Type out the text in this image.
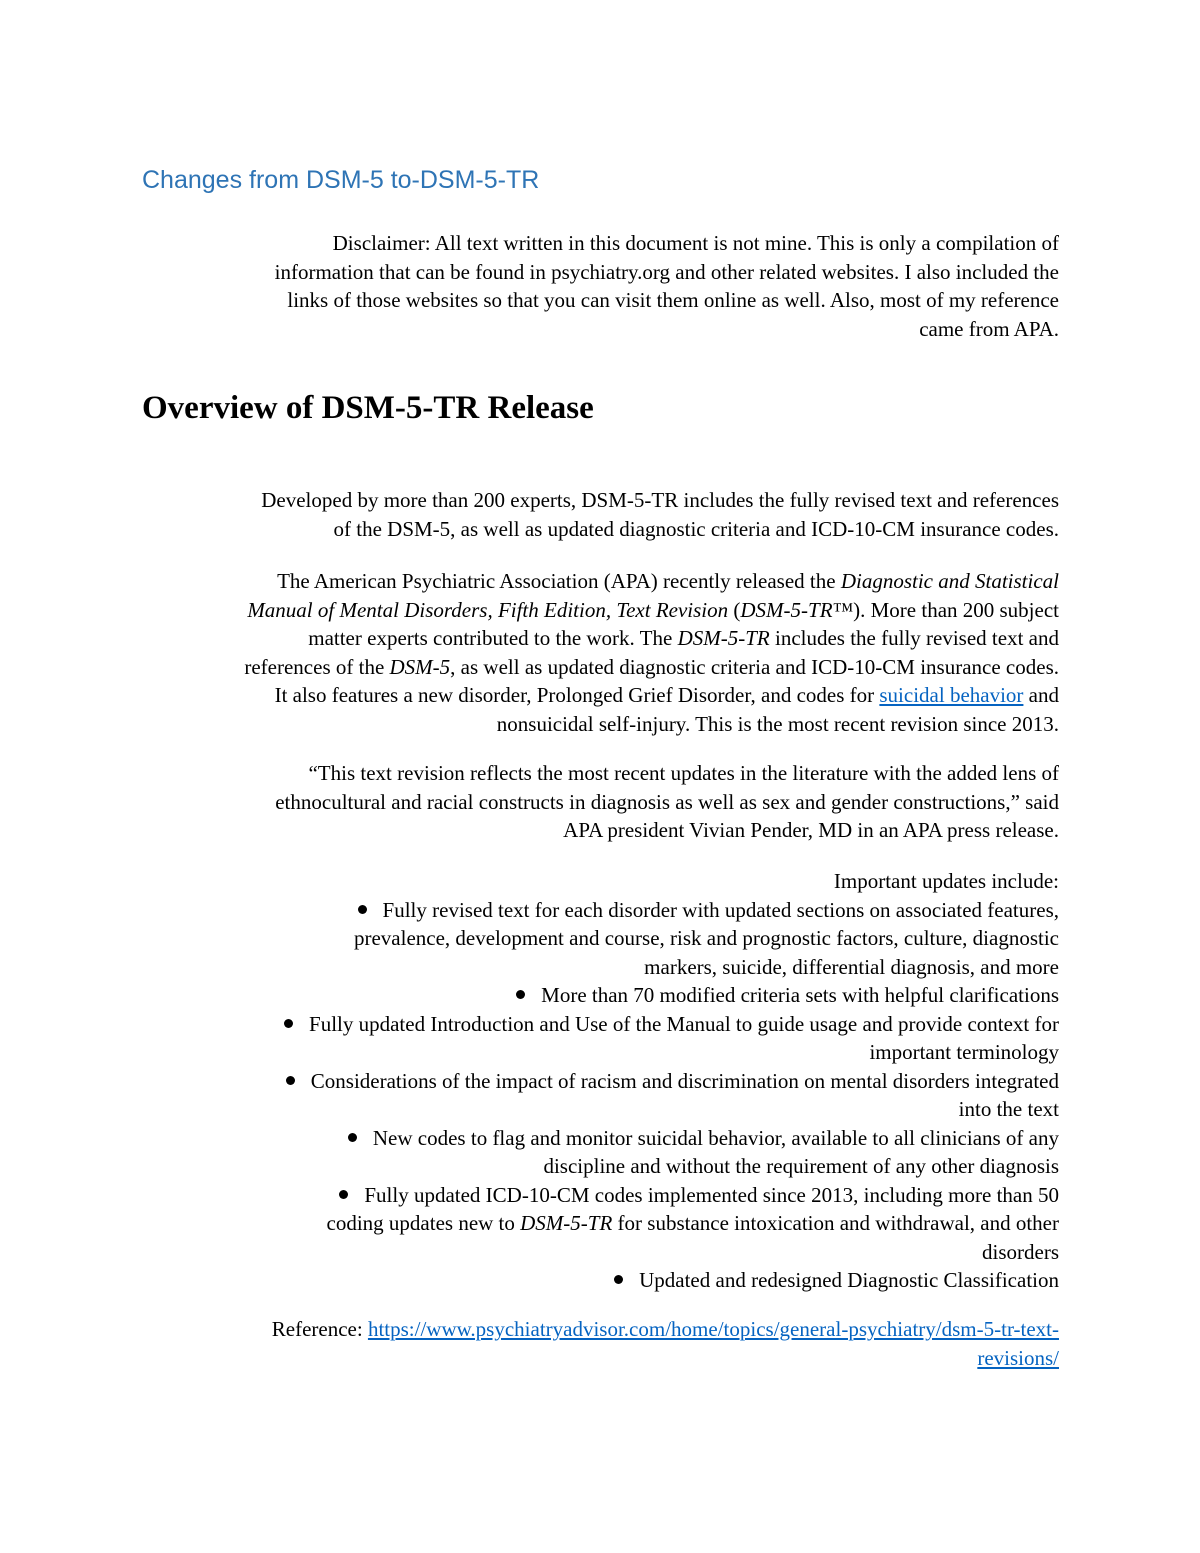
Changes from DSM-5 to-DSM-5-TR

Disclaimer: All text written in this document is not mine. This is only a compilation of

information that can be found in psychiatry.org and other related websites. I also included the

links of those websites so that you can visit them online as well. Also, most of my reference

came from APA.

Overview of DSM-5-TR Release

Developed by more than 200 experts, DSM-5-TR includes the fully revised text and references

of the DSM-5, as well as updated diagnostic criteria and ICD-10-CM insurance codes.

The American Psychiatric Association (APA) recently released the Diagnostic and Statistical

Manual of Mental Disorders, Fifth Edition, Text Revision (DSM-5-TR™). More than 200 subject

matter experts contributed to the work. The DSM-5-TR includes the fully revised text and

references of the DSM-5, as well as updated diagnostic criteria and ICD-10-CM insurance codes.

It also features a new disorder, Prolonged Grief Disorder, and codes for suicidal behavior and

nonsuicidal self-injury. This is the most recent revision since 2013.

“This text revision reflects the most recent updates in the literature with the added lens of

ethnocultural and racial constructs in diagnosis as well as sex and gender constructions,” said

APA president Vivian Pender, MD in an APA press release.

Important updates include:

Fully revised text for each disorder with updated sections on associated features,
prevalence, development and course, risk and prognostic factors, culture, diagnostic
markers, suicide, differential diagnosis, and more
More than 70 modified criteria sets with helpful clarifications
Fully updated Introduction and Use of the Manual to guide usage and provide context for
important terminology
Considerations of the impact of racism and discrimination on mental disorders integrated
into the text
New codes to flag and monitor suicidal behavior, available to all clinicians of any
discipline and without the requirement of any other diagnosis
Fully updated ICD-10-CM codes implemented since 2013, including more than 50
coding updates new to DSM-5-TR for substance intoxication and withdrawal, and other
disorders
Updated and redesigned Diagnostic Classification

Reference: https://www.psychiatryadvisor.com/home/topics/general-psychiatry/dsm-5-tr-text-

revisions/
